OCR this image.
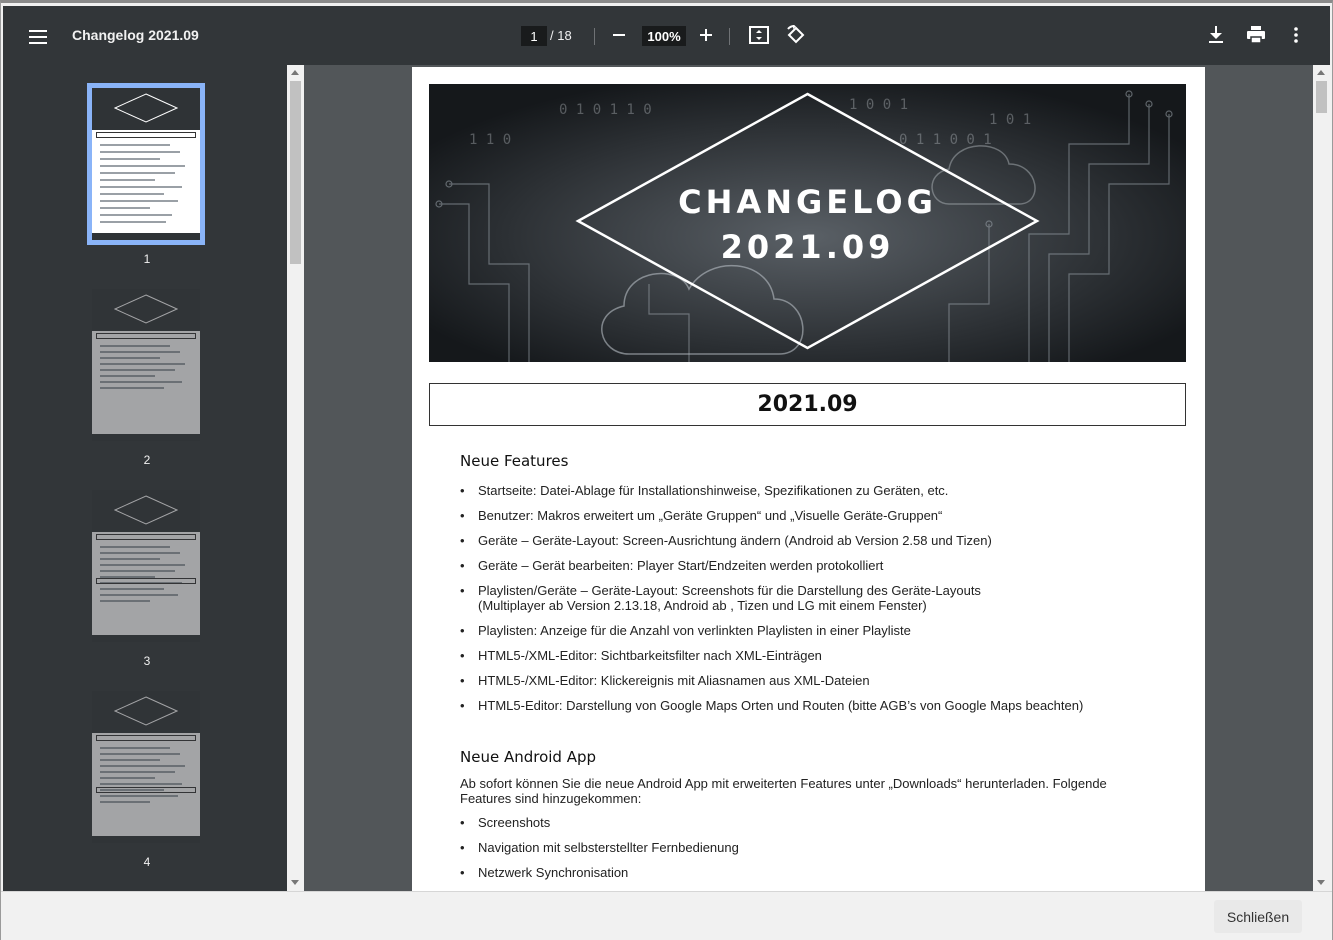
Changelog 2021.09	1 / 18	100%
1
2
3
4
0 1 0 1 1 0	1 0 0 1
0 1 1 0 0 1
1 0 1
1 1 0
CHANGELOG
2021.09
2021.09
Neue Features
• Startseite: Datei-Ablage für Installationshinweise, Spezifikationen zu Geräten, etc.
• Benutzer: Makros erweitert um „Geräte Gruppen“ und „Visuelle Geräte-Gruppen“
• Geräte – Geräte-Layout: Screen-Ausrichtung ändern (Android ab Version 2.58 und Tizen)
• Geräte – Gerät bearbeiten: Player Start/Endzeiten werden protokolliert
• Playlisten/Geräte – Geräte-Layout: Screenshots für die Darstellung des Geräte-Layouts
(Multiplayer ab Version 2.13.18, Android ab , Tizen und LG mit einem Fenster)
• Playlisten: Anzeige für die Anzahl von verlinkten Playlisten in einer Playliste
• HTML5-/XML-Editor: Sichtbarkeitsfilter nach XML-Einträgen
• HTML5-/XML-Editor: Klickereignis mit Aliasnamen aus XML-Dateien
• HTML5-Editor: Darstellung von Google Maps Orten und Routen (bitte AGB’s von Google Maps beachten)
Neue Android App
Ab sofort können Sie die neue Android App mit erweiterten Features unter „Downloads“ herunterladen. Folgende Features sind hinzugekommen:
• Screenshots
• Navigation mit selbsterstellter Fernbedienung
• Netzwerk Synchronisation
Schließen
